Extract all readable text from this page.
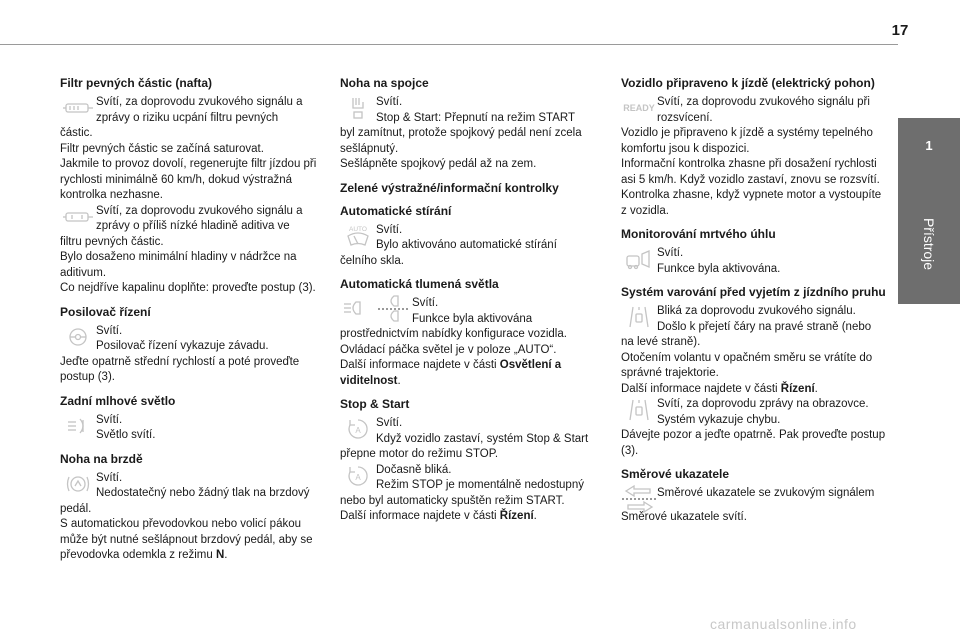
17
1
Přístroje
Filtr pevných částic (nafta)

Svítí, za doprovodu zvukového signálu a zprávy o riziku ucpání filtru pevných

částic.

Filtr pevných částic se začíná saturovat.

Jakmile to provoz dovolí, regenerujte filtr jízdou při rychlosti minimálně 60 km/h, dokud výstražná kontrolka nezhasne.

Svítí, za doprovodu zvukového signálu a zprávy o příliš nízké hladině aditiva ve

filtru pevných částic.

Bylo dosaženo minimální hladiny v nádržce na aditivum.

Co nejdříve kapalinu doplňte: proveďte postup (3).

Posilovač řízení

Svítí.
Posilovač řízení vykazuje závadu.

Jeďte opatrně střední rychlostí a poté proveďte postup (3).

Zadní mlhové světlo

Svítí.
Světlo svítí.

Noha na brzdě

Svítí.
Nedostatečný nebo žádný tlak na brzdový

pedál.

S automatickou převodovkou nebo volicí pákou může být nutné sešlápnout brzdový pedál, aby se převodovka odemkla z režimu N.

Noha na spojce

Svítí.
Stop & Start: Přepnutí na režim START

byl zamítnut, protože spojkový pedál není zcela sešlápnutý.

Sešlápněte spojkový pedál až na zem.

Zelené výstražné/informační kontrolky
Automatické stírání
AUTO Svítí.
Bylo aktivováno automatické stírání

čelního skla.

Automatická tlumená světla

Svítí.
Funkce byla aktivována

prostřednictvím nabídky konfigurace vozidla.

Ovládací páčka světel je v poloze „AUTO“.

Další informace najdete v části Osvětlení a viditelnost.

Stop & Start
A

Svítí.
Když vozidlo zastaví, systém Stop & Start

přepne motor do režimu STOP.

A

Dočasně bliká.
Režim STOP je momentálně nedostupný

nebo byl automaticky spuštěn režim START.

Další informace najdete v části Řízení.

Vozidlo připraveno k jízdě (elektrický pohon)
READY Svítí, za doprovodu zvukového signálu při rozsvícení.

Vozidlo je připraveno k jízdě a systémy tepelného komfortu jsou k dispozici.

Informační kontrolka zhasne při dosažení rychlosti asi 5 km/h. Když vozidlo zastaví, znovu se rozsvítí.

Kontrolka zhasne, když vypnete motor a vystoupíte z vozidla.

Monitorování mrtvého úhlu

Svítí.
Funkce byla aktivována.

Systém varování před vyjetím z jízdního pruhu

Bliká za doprovodu zvukového signálu.
Došlo k přejetí čáry na pravé straně (nebo

na levé straně).

Otočením volantu v opačném směru se vrátíte do správné trajektorie.

Další informace najdete v části Řízení.

Svítí, za doprovodu zprávy na obrazovce.
Systém vykazuje chybu.

Dávejte pozor a jeďte opatrně. Pak proveďte postup (3).

Směrové ukazatele

Směrové ukazatele se zvukovým signálem

Směrové ukazatele svítí.

carmanualsonline.info
